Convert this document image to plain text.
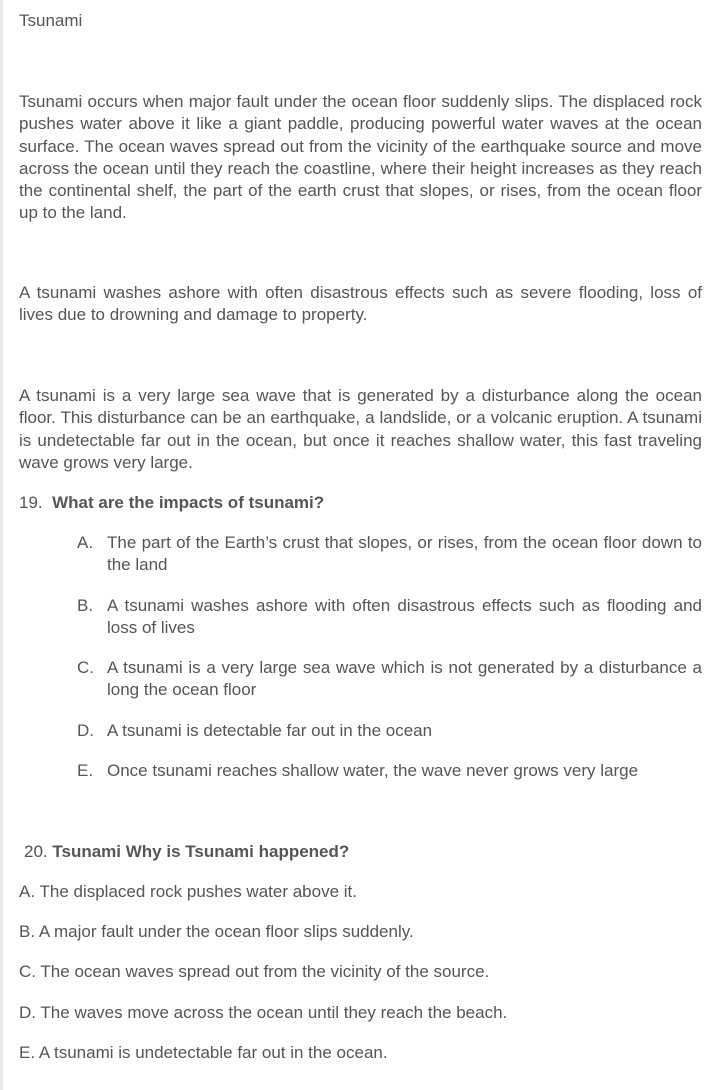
Tsunami

Tsunami occurs when major fault under the ocean floor suddenly slips. The displaced rock pushes water above it like a giant paddle, producing powerful water waves at the ocean surface. The ocean waves spread out from the vicinity of the earthquake source and move across the ocean until they reach the coastline, where their height increases as they reach the continental shelf, the part of the earth crust that slopes, or rises, from the ocean floor up to the land.

A tsunami washes ashore with often disastrous effects such as severe flooding, loss of lives due to drowning and damage to property.

A tsunami is a very large sea wave that is generated by a disturbance along the ocean floor. This disturbance can be an earthquake, a landslide, or a volcanic eruption. A tsunami is undetectable far out in the ocean, but once it reaches shallow water, this fast traveling wave grows very large.

19. What are the impacts of tsunami?
A. The part of the Earth’s crust that slopes, or rises, from the ocean floor down to the land
B. A tsunami washes ashore with often disastrous effects such as flooding and loss of lives
C. A tsunami is a very large sea wave which is not generated by a disturbance a long the ocean floor
D. A tsunami is detectable far out in the ocean
E. Once tsunami reaches shallow water, the wave never grows very large
20. Tsunami Why is Tsunami happened?
A. The displaced rock pushes water above it.
B. A major fault under the ocean floor slips suddenly.
C. The ocean waves spread out from the vicinity of the source.
D. The waves move across the ocean until they reach the beach.
E. A tsunami is undetectable far out in the ocean.
